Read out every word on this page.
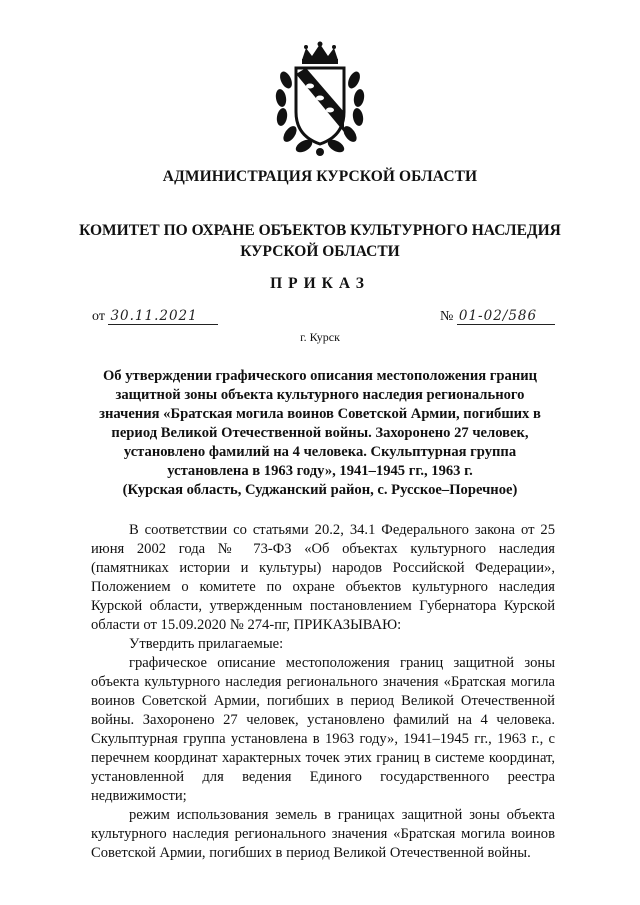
АДМИНИСТРАЦИЯ КУРСКОЙ ОБЛАСТИ
КОМИТЕТ ПО ОХРАНЕ ОБЪЕКТОВ КУЛЬТУРНОГО НАСЛЕДИЯ
КУРСКОЙ ОБЛАСТИ
ПРИКАЗ
от 30.11.2021	№ 01-02/586
г. Курск
Об утверждении графического описания местоположения границ
защитной зоны объекта культурного наследия регионального
значения «Братская могила воинов Советской Армии, погибших в
период Великой Отечественной войны. Захоронено 27 человек,
установлено фамилий на 4 человека. Скульптурная группа
установлена в 1963 году», 1941–1945 гг., 1963 г.
(Курская область, Суджанский район, с. Русское–Поречное)

В соответствии со статьями 20.2, 34.1 Федерального закона от 25 июня 2002 года № 73-ФЗ «Об объектах культурного наследия (памятниках истории и культуры) народов Российской Федерации», Положением о комитете по охране объектов культурного наследия Курской области, утвержденным постановлением Губернатора Курской области от 15.09.2020 № 274-пг, ПРИКАЗЫВАЮ:

Утвердить прилагаемые:

графическое описание местоположения границ защитной зоны объекта культурного наследия регионального значения «Братская могила воинов Советской Армии, погибших в период Великой Отечественной войны. Захоронено 27 человек, установлено фамилий на 4 человека. Скульптурная группа установлена в 1963 году», 1941–1945 гг., 1963 г., с перечнем координат характерных точек этих границ в системе координат, установленной для ведения Единого государственного реестра недвижимости;

режим использования земель в границах защитной зоны объекта культурного наследия регионального значения «Братская могила воинов Советской Армии, погибших в период Великой Отечественной войны.
